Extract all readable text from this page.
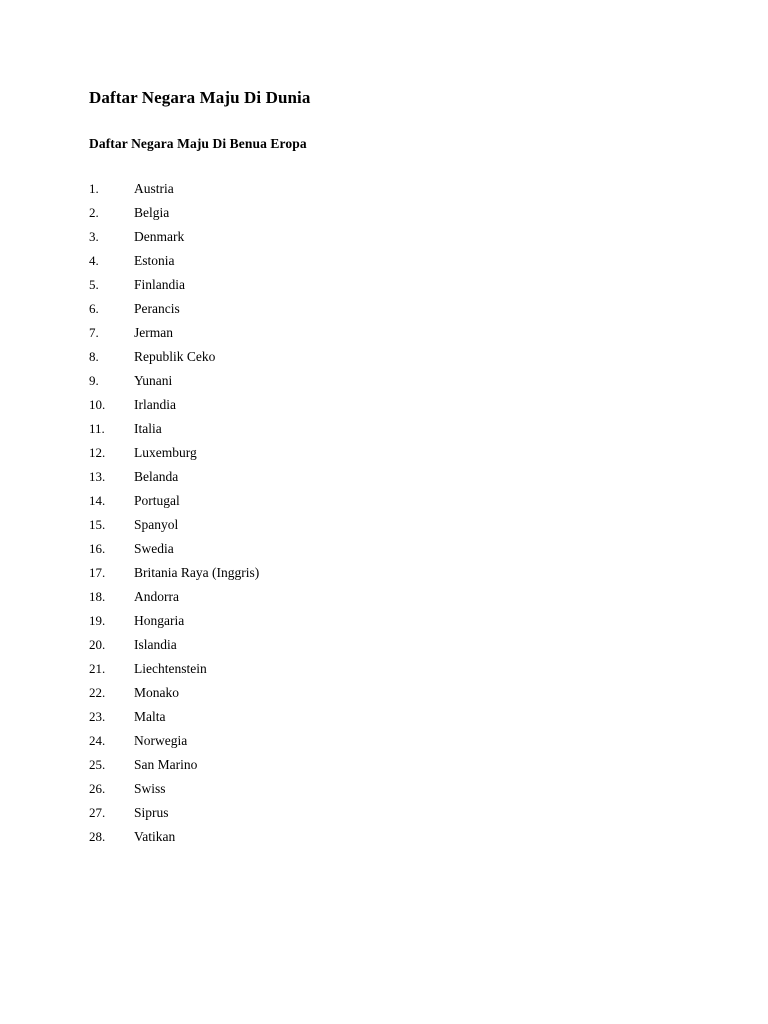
Daftar Negara Maju Di Dunia
Daftar Negara Maju Di Benua Eropa
1.	Austria
2.	Belgia
3.	Denmark
4.	Estonia
5.	Finlandia
6.	Perancis
7.	Jerman
8.	Republik Ceko
9.	Yunani
10. Irlandia
11. Italia
12. Luxemburg
13. Belanda
14. Portugal
15. Spanyol
16. Swedia
17. Britania Raya (Inggris)
18. Andorra
19. Hongaria
20. Islandia
21. Liechtenstein
22. Monako
23. Malta
24. Norwegia
25. San Marino
26. Swiss
27. Siprus
28. Vatikan
